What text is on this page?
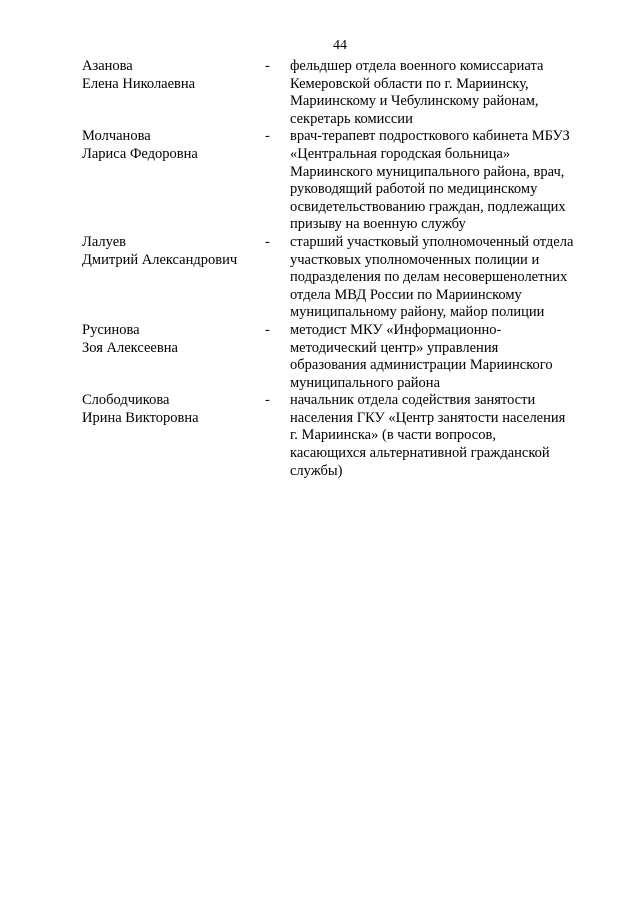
44
Азанова
Елена Николаевна
-	фельдшер отдела военного комиссариата
Кемеровской области по г. Мариинску,
Мариинскому и Чебулинскому районам,
секретарь комиссии
Молчанова
Лариса Федоровна
-	врач-терапевт подросткового кабинета МБУЗ
«Центральная городская больница»
Мариинского муниципального района, врач,
руководящий работой по медицинскому
освидетельствованию граждан, подлежащих
призыву на военную службу
Лалуев
Дмитрий Александрович
-	старший участковый уполномоченный отдела
участковых уполномоченных полиции и
подразделения по делам несовершенолетних
отдела МВД России по Мариинскому
муниципальному району, майор полиции
Русинова
Зоя Алексеевна
-	методист МКУ «Информационно-
методический центр» управления
образования администрации Мариинского
муниципального района
Слободчикова
Ирина Викторовна
-	начальник отдела содействия занятости
населения ГКУ «Центр занятости населения
г. Мариинска» (в части вопросов,
касающихся альтернативной гражданской
службы)
